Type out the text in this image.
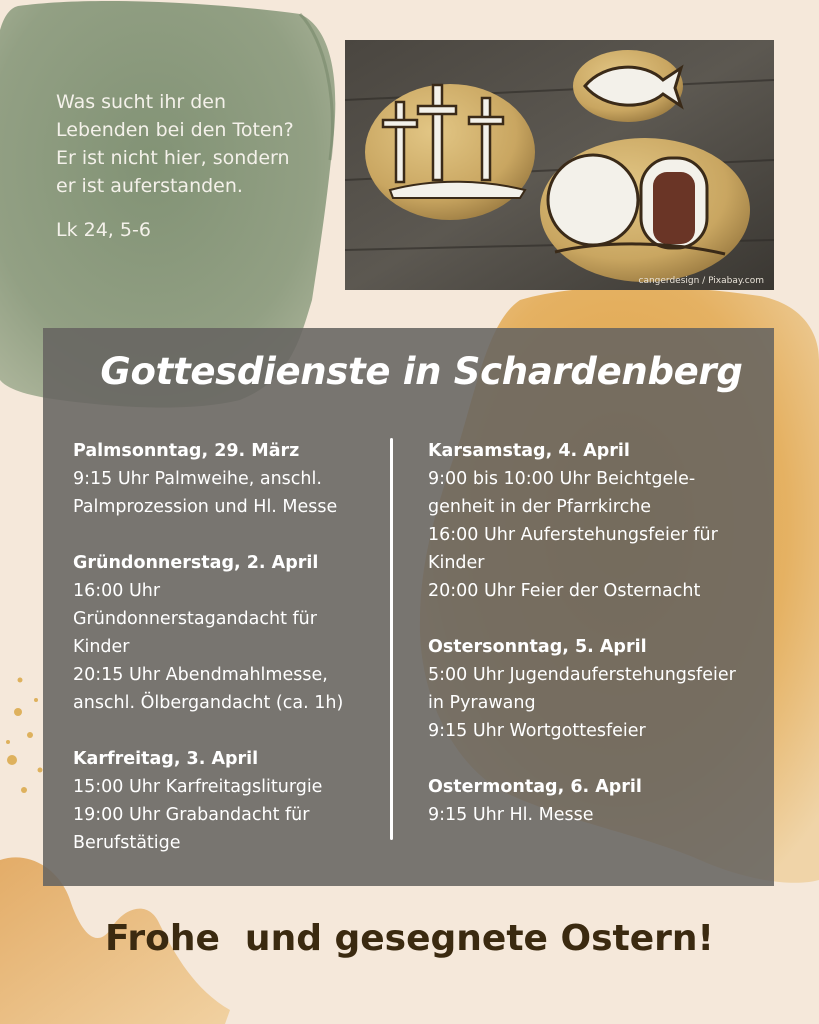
Was sucht ihr den
Lebenden bei den Toten?
Er ist nicht hier, sondern
er ist auferstanden.
Lk 24, 5-6
cangerdesign / Pixabay.com
Gottesdienste in Schardenberg
Palmsonntag, 29. März
9:15 Uhr Palmweihe, anschl.
Palmprozession und Hl. Messe
Gründonnerstag, 2. April
16:00 Uhr
Gründonnerstagandacht für
Kinder
20:15 Uhr Abendmahlmesse,
anschl. Ölbergandacht (ca. 1h)
Karfreitag, 3. April
15:00 Uhr Karfreitagsliturgie
19:00 Uhr Grabandacht für
Berufstätige
Karsamstag, 4. April
9:00 bis 10:00 Uhr Beichtgele-
genheit in der Pfarrkirche
16:00 Uhr Auferstehungsfeier für
Kinder
20:00 Uhr Feier der Osternacht
Ostersonntag, 5. April
5:00 Uhr Jugendauferstehungsfeier
in Pyrawang
9:15 Uhr Wortgottesfeier
Ostermontag, 6. April
9:15 Uhr Hl. Messe
Frohe  und gesegnete Ostern!
